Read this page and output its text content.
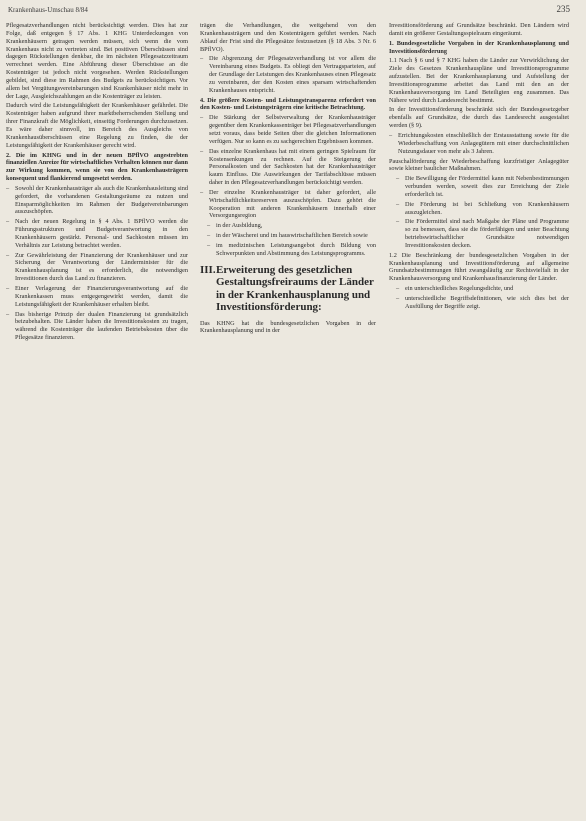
Krankenhaus-Umschau 8/84	235

Pflegesatzverhandlungen nicht berücksichtigt werden. Dies hat zur Folge, daß entgegen § 17 Abs. 1 KHG Unterdeckungen von Krankenhäusern getragen werden müssen, sich wenn die vom Krankenhaus nicht zu vertreten sind. Bei positiven Überschüssen sind dagegen Rückstellungen denkbar, die im nächsten Pflegesatzzeitraum verrechnet werden. Eine Abführung dieser Überschüsse an die Kostenträger ist jedoch nicht vorgesehen. Werden Rückstellungen gebildet, sind diese im Rahmen des Budgets zu berücksichtigen. Vor allem bei Vergütungsvereinbarungen sind Krankenhäuser nicht mehr in der Lage, Ausgleichszahlungen an die Kostenträger zu leisten.

Dadurch wird die Leistungsfähigkeit der Krankenhäuser gefährdet. Die Kostenträger haben aufgrund ihrer marktbeherrschenden Stellung und ihrer Finanzkraft die Möglichkeit, einseitig Forderungen durchzusetzen. Es wäre daher sinnvoll, im Bereich des Ausgleichs von Krankenhausüberschüssen eine Regelung zu finden, die der Leistungsfähigkeit der Krankenhäuser gerecht wird.

2. Die im KHNG und in der neuen BPflVO angestrebten finanziellen Anreize für wirtschaftliches Verhalten können nur dann zur Wirkung kommen, wenn sie von den Krankenhausträgern konsequent und flankierend umgesetzt werden.

– Sowohl der Krankenhausträger als auch die Krankenhausleitung sind gefordert, die vorhandenen Gestaltungsräume zu nutzen und Einsparmöglichkeiten im Rahmen der Budgetvereinbarungen auszuschöpfen.

– Nach der neuen Regelung in § 4 Abs. 1 BPflVO werden die Führungsstrukturen und Budgetverantwortung in den Krankenhäusern gestärkt. Personal- und Sachkosten müssen im Verhältnis zur Leistung betrachtet werden.

– Zur Gewährleistung der Finanzierung der Krankenhäuser und zur Sicherung der Verantwortung der Länderminister für die Krankenhausplanung ist es erforderlich, die notwendigen Investitionen durch das Land zu finanzieren.

– Einer Verlagerung der Finanzierungsverantwortung auf die Krankenkassen muss entgegengewirkt werden, damit die Leistungsfähigkeit der Krankenhäuser erhalten bleibt.

– Das bisherige Prinzip der dualen Finanzierung ist grundsätzlich beizubehalten. Die Länder haben die Investitionskosten zu tragen, während die Kostenträger die laufenden Betriebskosten über die Pflegesätze finanzieren.

trägen die Verhandlungen, die weitgehend von den Krankenhausträgern und den Kostenträgern geführt werden. Nach Ablauf der Frist sind die Pflegesätze festzusetzen (§ 18 Abs. 3 Nr. 6 BPflVO).

– Die Abgrenzung der Pflegesatzverhandlung ist vor allem die Vereinbarung eines Budgets. Es obliegt den Vertragsparteien, auf der Grundlage der Leistungen des Krankenhauses einen Pflegesatz zu vereinbaren, der den Kosten eines sparsam wirtschaftenden Krankenhauses entspricht.

4. Die größere Kosten- und Leistungstransparenz erfordert von den Kosten- und Leistungsträgern eine kritische Betrachtung.

– Die Stärkung der Selbstverwaltung der Krankenhausträger gegenüber dem Krankenkassenträger bei Pflegesatzverhandlungen setzt voraus, dass beide Seiten über die gleichen Informationen verfügen. Nur so kann es zu sachgerechten Ergebnissen kommen.

– Das einzelne Krankenhaus hat mit einem geringen Spielraum für Kostensenkungen zu rechnen. Auf die Steigerung der Personalkosten und der Sachkosten hat der Krankenhausträger kaum Einfluss. Die Auswirkungen der Tarifabschlüsse müssen daher in den Pflegesatzverhandlungen berücksichtigt werden.

– Der einzelne Krankenhausträger ist daher gefordert, alle Wirtschaftlichkeitsreserven auszuschöpfen. Dazu gehört die Kooperation mit anderen Krankenhäusern innerhalb einer Versorgungsregion

– in der Ausbildung,

– in der Wäscherei und im hauswirtschaftlichen Bereich sowie

– im medizinischen Leistungsangebot durch Bildung von Schwerpunkten und Abstimmung des Leistungsprogramms.

III. Erweiterung des gesetzlichen Gestaltungsfreiraums der Länder in der Krankenhausplanung und Investitionsförderung:

Das KHNG hat die bundesgesetzlichen Vorgaben in der Krankenhausplanung und in der

Investitionsförderung auf Grundsätze beschränkt. Den Ländern wird damit ein größerer Gestaltungsspielraum eingeräumt.

1. Bundesgesetzliche Vorgaben in der Krankenhausplanung und Investitionsförderung

1.1 Nach § 6 und § 7 KHG haben die Länder zur Verwirklichung der Ziele des Gesetzes Krankenhauspläne und Investitionsprogramme aufzustellen. Bei der Krankenhausplanung und Aufstellung der Investitionsprogramme arbeitet das Land mit den an der Krankenhausversorgung im Land Beteiligten eng zusammen. Das Nähere wird durch Landesrecht bestimmt.

In der Investitionsförderung beschränkt sich der Bundesgesetzgeber ebenfalls auf Grundsätze, die durch das Landesrecht ausgestaltet werden (§ 9).

– Errichtungskosten einschließlich der Erstausstattung sowie für die Wiederbeschaffung von Anlagegütern mit einer durchschnittlichen Nutzungsdauer von mehr als 3 Jahren.

Pauschalförderung der Wiederbeschaffung kurzfristiger Anlagegüter sowie kleiner baulicher Maßnahmen.

– Die Bewilligung der Fördermittel kann mit Nebenbestimmungen verbunden werden, soweit dies zur Erreichung der Ziele erforderlich ist.

– Die Förderung ist bei Schließung von Krankenhäusern auszugleichen.

– Die Fördermittel sind nach Maßgabe der Pläne und Programme so zu bemessen, dass sie die förderfähigen und unter Beachtung betriebswirtschaftlicher Grundsätze notwendigen Investitionskosten decken.

1.2 Die Beschränkung der bundesgesetzlichen Vorgaben in der Krankenhausplanung und Investitionsförderung auf allgemeine Grundsatzbestimmungen führt zwangsläufig zur Rechtsvielfalt in der Krankenhausversorgung und Krankenhausfinanzierung der Länder.

– ein unterschiedliches Regelungsdichte, und

– unterschiedliche Begriffsdefinitionen, wie sich dies bei der Ausfüllung der Begriffe zeigt.
